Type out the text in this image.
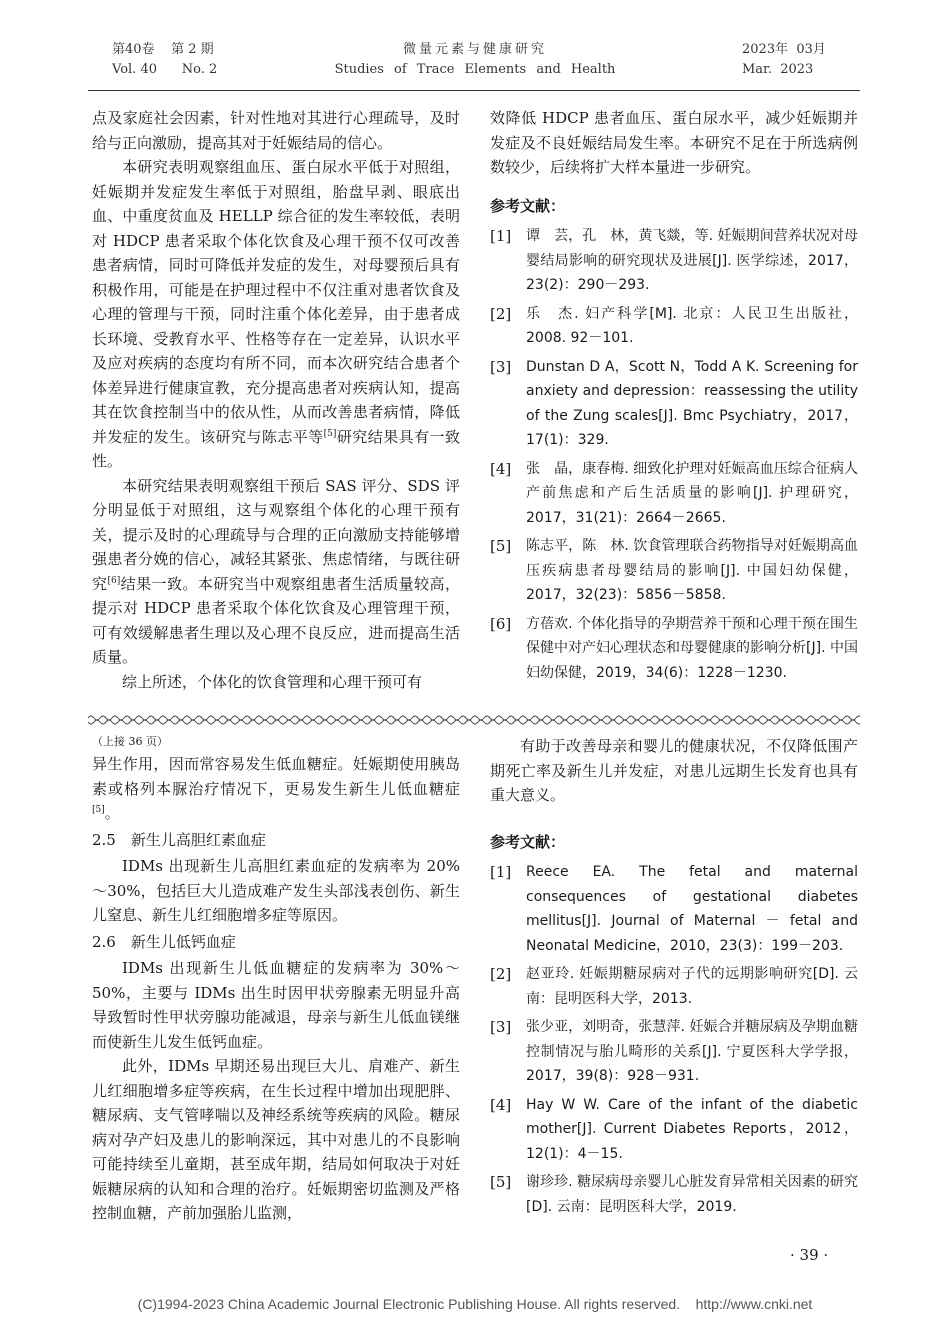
第40卷 第 2 期
Vol. 40 No. 2
微量元素与健康研究
Studies of Trace Elements and Health
2023年  03月
Mar.  2023

点及家庭社会因素，针对性地对其进行心理疏导，及时给与正向激励，提高其对于妊娠结局的信心。

本研究表明观察组血压、蛋白尿水平低于对照组，妊娠期并发症发生率低于对照组，胎盘早剥、眼底出血、中重度贫血及 HELLP 综合征的发生率较低，表明对 HDCP 患者采取个体化饮食及心理干预不仅可改善患者病情，同时可降低并发症的发生，对母婴预后具有积极作用，可能是在护理过程中不仅注重对患者饮食及心理的管理与干预，同时注重个体化差异，由于患者成长环境、受教育水平、性格等存在一定差异，认识水平及应对疾病的态度均有所不同，而本次研究结合患者个体差异进行健康宣教，充分提高患者对疾病认知，提高其在饮食控制当中的依从性，从而改善患者病情，降低并发症的发生。该研究与陈志平等[5]研究结果具有一致性。

本研究结果表明观察组干预后 SAS 评分、SDS 评分明显低于对照组，这与观察组个体化的心理干预有关，提示及时的心理疏导与合理的正向激励支持能够增强患者分娩的信心，减轻其紧张、焦虑情绪，与既往研究[6]结果一致。本研究当中观察组患者生活质量较高，提示对 HDCP 患者采取个体化饮食及心理管理干预，可有效缓解患者生理以及心理不良反应，进而提高生活质量。

综上所述，个体化的饮食管理和心理干预可有

效降低 HDCP 患者血压、蛋白尿水平，减少妊娠期并发症及不良妊娠结局发生率。本研究不足在于所选病例数较少，后续将扩大样本量进一步研究。

参考文献：

[1]	谭　芸，孔　林，黄飞燚，等. 妊娠期间营养状况对母婴结局影响的研究现状及进展[J]. 医学综述，2017，23(2)：290－293.
[2]	乐　杰. 妇产科学[M]. 北京：人民卫生出版社，2008. 92－101.
[3]	Dunstan D A，Scott N，Todd A K. Screening for anxiety and depression：reassessing the utility of the Zung scales[J]. Bmc Psychiatry，2017，17(1)：329.
[4]	张　晶，康春梅. 细致化护理对妊娠高血压综合征病人产前焦虑和产后生活质量的影响[J]. 护理研究，2017，31(21)：2664－2665.
[5]	陈志平，陈　林. 饮食管理联合药物指导对妊娠期高血压疾病患者母婴结局的影响[J]. 中国妇幼保健，2017，32(23)：5856－5858.
[6]	方蓓欢. 个体化指导的孕期营养干预和心理干预在围生保健中对产妇心理状态和母婴健康的影响分析[J]. 中国妇幼保健，2019，34(6)：1228－1230.

（上接 36 页）

异生作用，因而常容易发生低血糖症。妊娠期使用胰岛素或格列本脲治疗情况下，更易发生新生儿低血糖症[5]。

2.5　新生儿高胆红素血症

IDMs 出现新生儿高胆红素血症的发病率为 20%～30%，包括巨大儿造成难产发生头部浅表创伤、新生儿窒息、新生儿红细胞增多症等原因。

2.6　新生儿低钙血症

IDMs 出现新生儿低血糖症的发病率为 30%～50%，主要与 IDMs 出生时因甲状旁腺素无明显升高导致暂时性甲状旁腺功能减退，母亲与新生儿低血镁继而使新生儿发生低钙血症。

此外，IDMs 早期还易出现巨大儿、肩难产、新生儿红细胞增多症等疾病，在生长过程中增加出现肥胖、糖尿病、支气管哮喘以及神经系统等疾病的风险。糖尿病对孕产妇及患儿的影响深远，其中对患儿的不良影响可能持续至儿童期，甚至成年期，结局如何取决于对妊娠糖尿病的认知和合理的治疗。妊娠期密切监测及严格控制血糖，产前加强胎儿监测，

有助于改善母亲和婴儿的健康状况，不仅降低围产期死亡率及新生儿并发症，对患儿远期生长发育也具有重大意义。

参考文献：

[1]	Reece EA. The fetal and maternal consequences of gestational diabetes mellitus[J]. Journal of Maternal － fetal and Neonatal Medicine，2010，23(3)：199－203.
[2]	赵亚玲. 妊娠期糖尿病对子代的远期影响研究[D]. 云南：昆明医科大学，2013.
[3]	张少亚，刘明奇，张慧萍. 妊娠合并糖尿病及孕期血糖控制情况与胎儿畸形的关系[J]. 宁夏医科大学学报，2017，39(8)：928－931.
[4]	Hay W W. Care of the infant of the diabetic mother[J]. Current Diabetes Reports，2012，12(1)：4－15.
[5]	谢珍珍. 糖尿病母亲婴儿心脏发育异常相关因素的研究[D]. 云南：昆明医科大学，2019.
· 39 ·
(C)1994-2023 China Academic Journal Electronic Publishing House. All rights reserved.    http://www.cnki.net
